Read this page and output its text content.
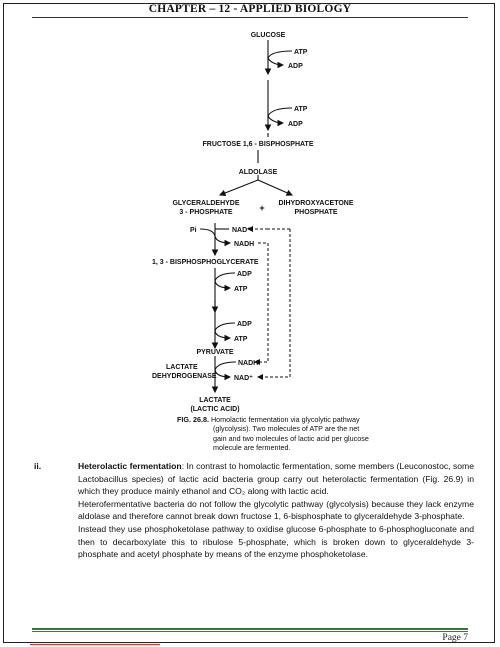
CHAPTER – 12 - APPLIED BIOLOGY
GLUCOSE
ATP
ADP
ATP
ADP
FRUCTOSE 1,6 - BISPHOSPHATE
ALDOLASE
GLYCERALDEHYDE
3 - PHOSPHATE	+ DIHYDROXYACETONE
PHOSPHATE
Pi	NAD⁺
NADH
1, 3 - BISPHOSPHOGLYCERATE
ADP
ATP
ADP
ATP
PYRUVATE
LACTATE
DEHYDROGENASE
NADH
NAD⁺
LACTATE
(LACTIC ACID)
FIG. 26.8. Homolactic fermentation via glycolytic pathway
(glycolysis). Two molecules of ATP are the net
gain and two molecules of lactic acid per glucose
molecule are fermented.
ii.	Heterolactic fermentation: In contrast to homolactic fermentation, some members (Leuconostoc, some Lactobacillus species) of lactic acid bacteria group carry out heterolactic fermentation (Fig. 26.9) in which they produce mainly ethanol and CO₂ along with lactic acid.

Heterofermentative bacteria do not follow the glycolytic pathway (glycolysis) because they lack enzyme aldolase and therefore cannot break down fructose 1, 6-bisphosphate to glyceraldehyde 3-phosphate.

Instead they use phosphoketolase pathway to oxidise glucose 6-phosphate to 6-phosphogluconate and then to decarboxylate this to ribulose 5-phosphate, which is broken down to glyceraldehyde 3-phosphate and acetyl phosphate by means of the enzyme phosphoketolase.

Page 7
